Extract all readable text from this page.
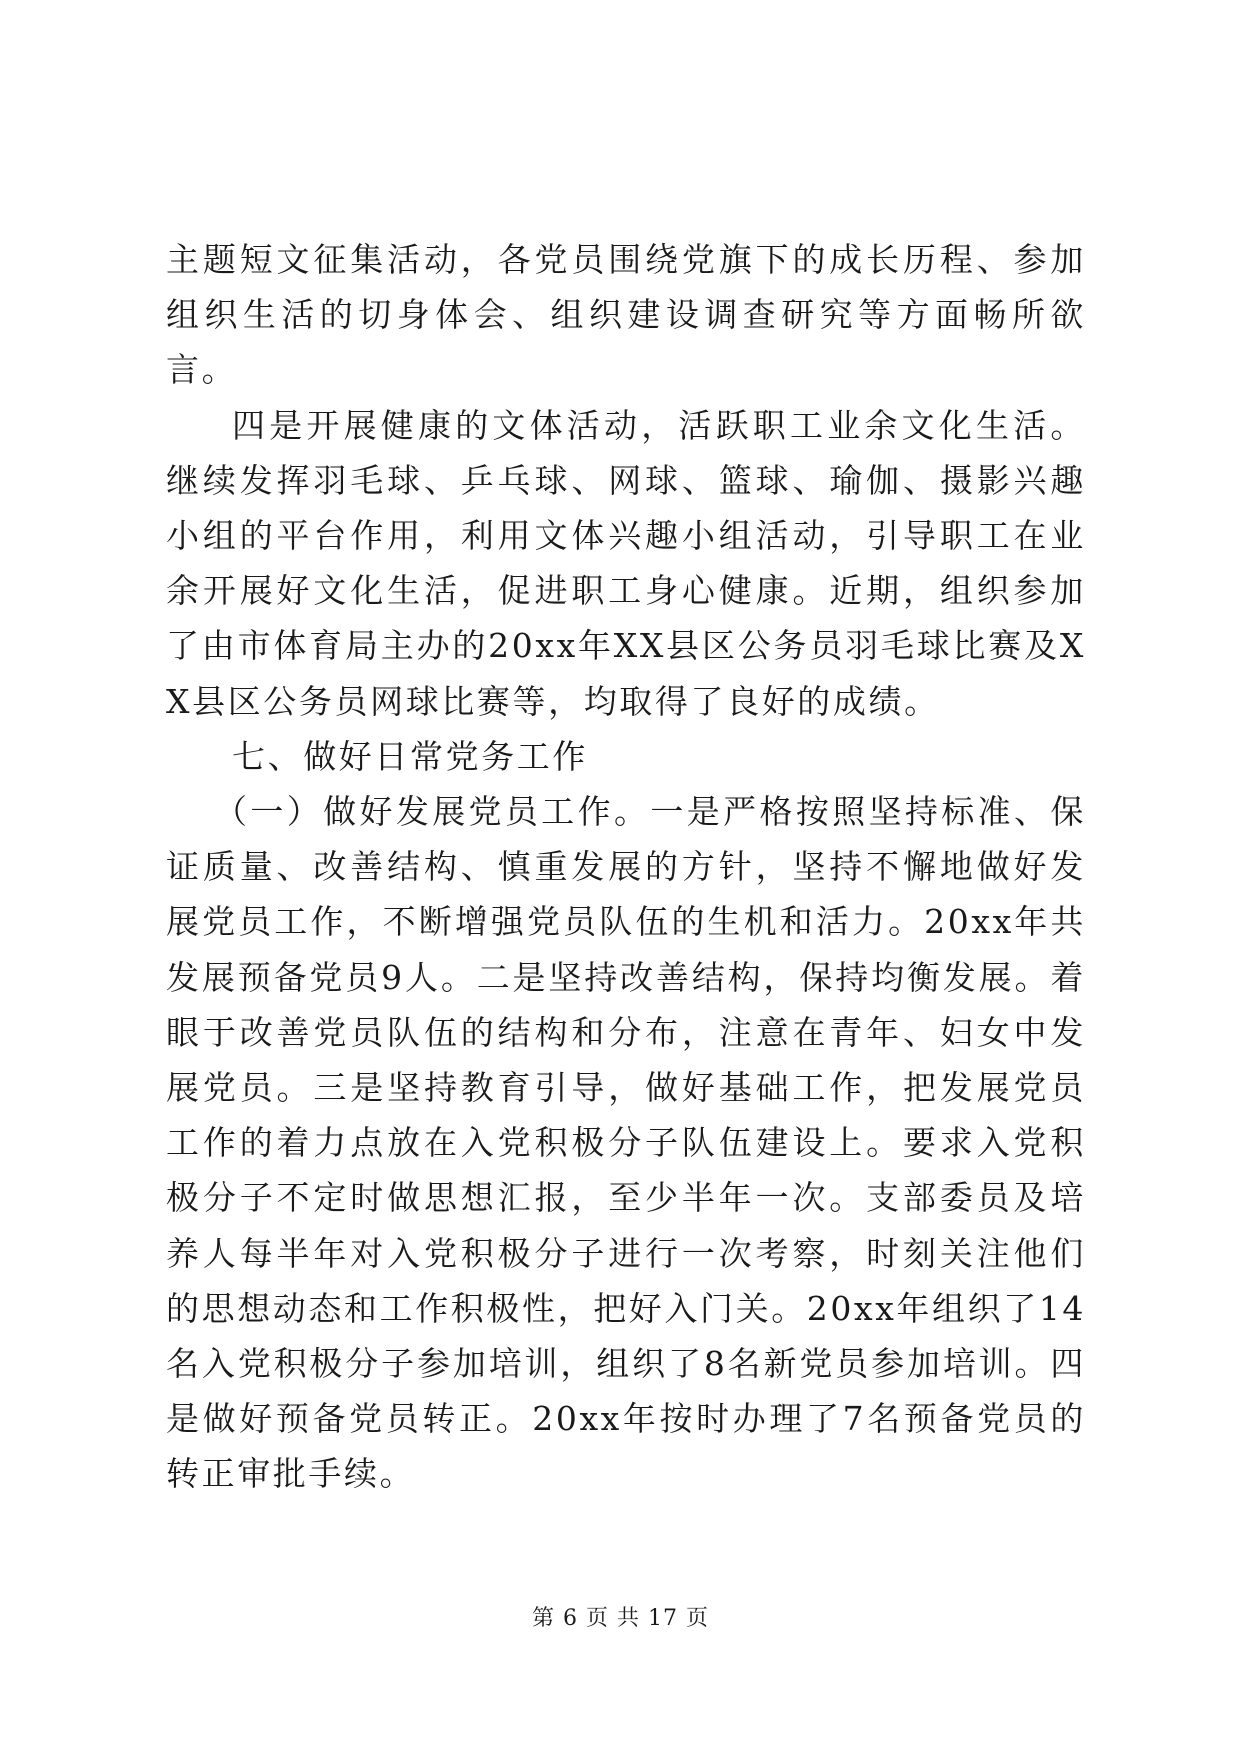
主题短文征集活动，各党员围绕党旗下的成长历程、参加组织生活的切身体会、组织建设调查研究等方面畅所欲言。

四是开展健康的文体活动，活跃职工业余文化生活。继续发挥羽毛球、乒乓球、网球、篮球、瑜伽、摄影兴趣小组的平台作用，利用文体兴趣小组活动，引导职工在业余开展好文化生活，促进职工身心健康。近期，组织参加了由市体育局主办的20xx年XX县区公务员羽毛球比赛及XX县区公务员网球比赛等，均取得了良好的成绩。

七、做好日常党务工作

（一）做好发展党员工作。一是严格按照坚持标准、保证质量、改善结构、慎重发展的方针，坚持不懈地做好发展党员工作，不断增强党员队伍的生机和活力。20xx年共发展预备党员9人。二是坚持改善结构，保持均衡发展。着眼于改善党员队伍的结构和分布，注意在青年、妇女中发展党员。三是坚持教育引导，做好基础工作，把发展党员工作的着力点放在入党积极分子队伍建设上。要求入党积极分子不定时做思想汇报，至少半年一次。支部委员及培养人每半年对入党积极分子进行一次考察，时刻关注他们的思想动态和工作积极性，把好入门关。20xx年组织了14名入党积极分子参加培训，组织了8名新党员参加培训。四是做好预备党员转正。20xx年按时办理了7名预备党员的转正审批手续。

第 6 页 共 17 页
